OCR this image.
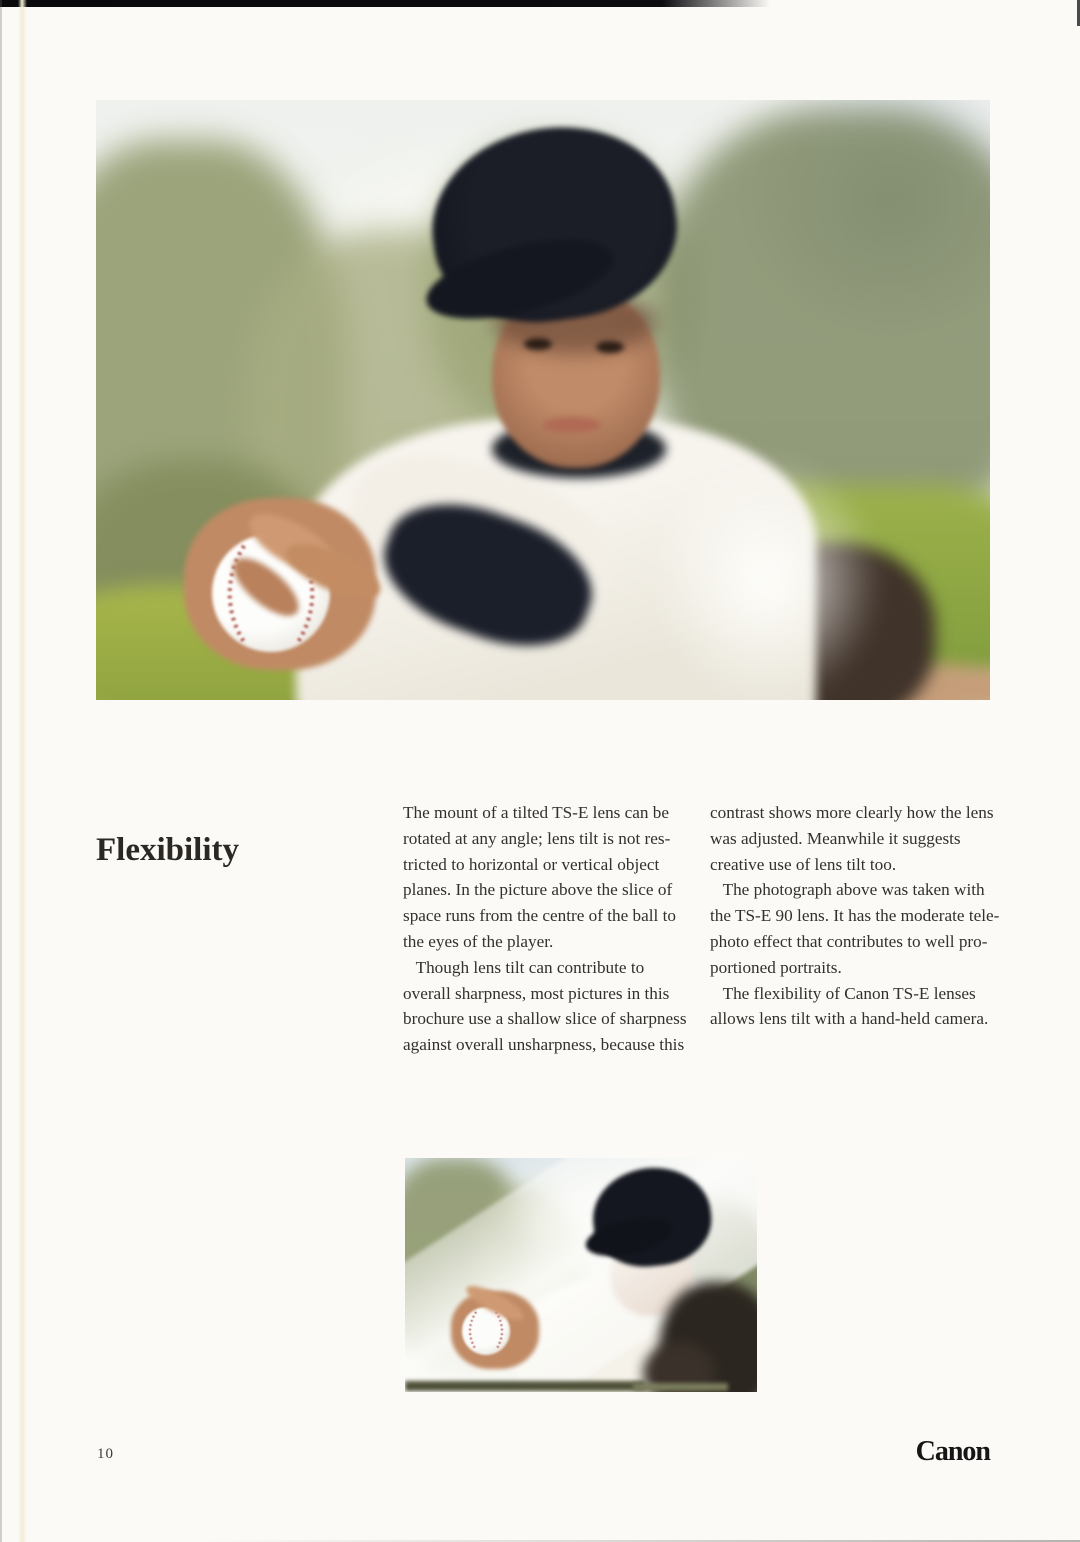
Flexibility
The mount of a tilted TS-E lens can be
rotated at any angle; lens tilt is not res-
tricted to horizontal or vertical object
planes. In the picture above the slice of
space runs from the centre of the ball to
the eyes of the player.
Though lens tilt can contribute to
overall sharpness, most pictures in this
brochure use a shallow slice of sharpness
against overall unsharpness, because this
contrast shows more clearly how the lens
was adjusted. Meanwhile it suggests
creative use of lens tilt too.
The photograph above was taken with
the TS-E 90 lens. It has the moderate tele-
photo effect that contributes to well pro-
portioned portraits.
The flexibility of Canon TS-E lenses
allows lens tilt with a hand-held camera.
10	Canon
